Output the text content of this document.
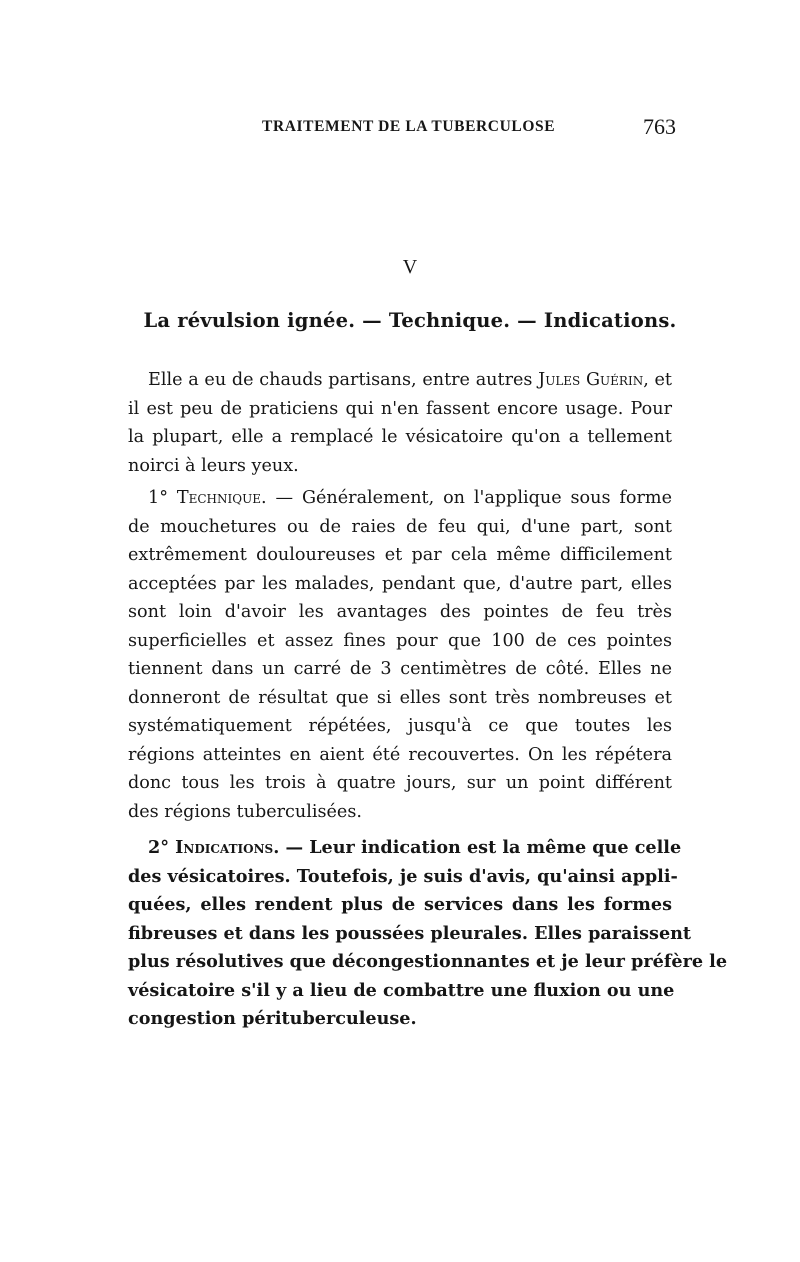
TRAITEMENT DE LA TUBERCULOSE	763
V
La révulsion ignée. — Technique. — Indications.
Elle a eu de chauds partisans, entre autres Jules Guérin, et
il est peu de praticiens qui n'en fassent encore usage. Pour
la plupart, elle a remplacé le vésicatoire qu'on a tellement
noirci à leurs yeux.
1° Technique. — Généralement, on l'applique sous forme
de mouchetures ou de raies de feu qui, d'une part, sont
extrêmement douloureuses et par cela même difficilement
acceptées par les malades, pendant que, d'autre part, elles
sont loin d'avoir les avantages des pointes de feu très
superficielles et assez fines pour que 100 de ces pointes
tiennent dans un carré de 3 centimètres de côté. Elles ne
donneront de résultat que si elles sont très nombreuses et
systématiquement répétées, jusqu'à ce que toutes les
régions atteintes en aient été recouvertes. On les répétera
donc tous les trois à quatre jours, sur un point différent
des régions tuberculisées.
2° Indications. — Leur indication est la même que celle
des vésicatoires. Toutefois, je suis d'avis, qu'ainsi appli-
quées, elles rendent plus de services dans les formes
fibreuses et dans les poussées pleurales. Elles paraissent
plus résolutives que décongestionnantes et je leur préfère le
vésicatoire s'il y a lieu de combattre une fluxion ou une
congestion pérituberculeuse.
